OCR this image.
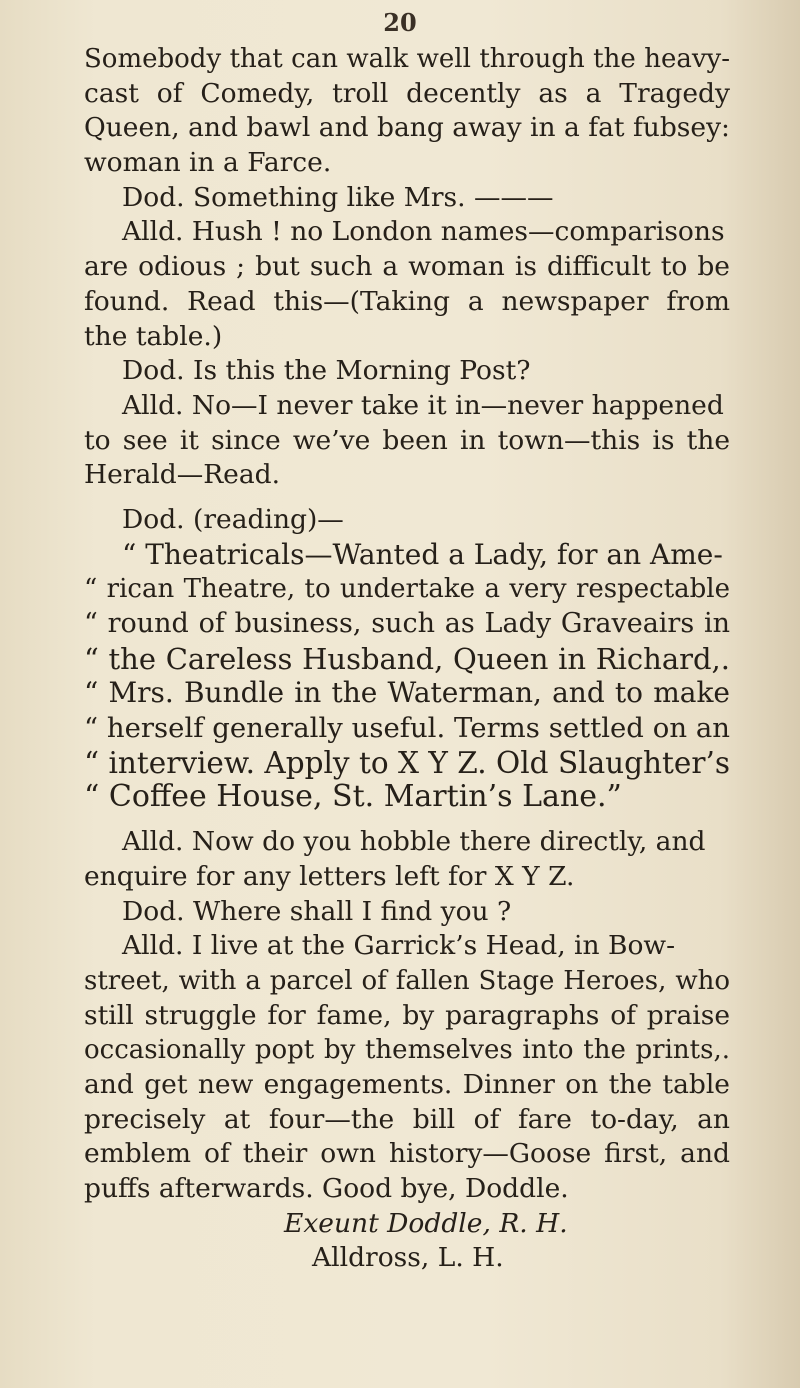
20
Somebody that can walk well through the heavy-
cast of Comedy, troll decently as a Tragedy
Queen, and bawl and bang away in a fat fubsey:
woman in a Farce.
Dod. Something like Mrs. ———
Alld. Hush ! no London names—comparisons
are odious ; but such a woman is difficult to be
found. Read this—(Taking a newspaper from
the table.)
Dod. Is this the Morning Post?
Alld. No—I never take it in—never happened
to see it since we’ve been in town—this is the
Herald—Read.
Dod. (reading)—
“ Theatricals—Wanted a Lady, for an Ame-
“ rican Theatre, to undertake a very respectable
“ round of business, such as Lady Graveairs in
“ the Careless Husband, Queen in Richard,.
“ Mrs. Bundle in the Waterman, and to make
“ herself generally useful. Terms settled on an
“ interview. Apply to X Y Z. Old Slaughter’s
“ Coffee House, St. Martin’s Lane.”
Alld. Now do you hobble there directly, and
enquire for any letters left for X Y Z.
Dod. Where shall I find you ?
Alld. I live at the Garrick’s Head, in Bow-
street, with a parcel of fallen Stage Heroes, who
still struggle for fame, by paragraphs of praise
occasionally popt by themselves into the prints,.
and get new engagements. Dinner on the table
precisely at four—the bill of fare to-day, an
emblem of their own history—Goose first, and
puffs afterwards. Good bye, Doddle.
Exeunt Doddle, R. H.
Alldross, L. H.
